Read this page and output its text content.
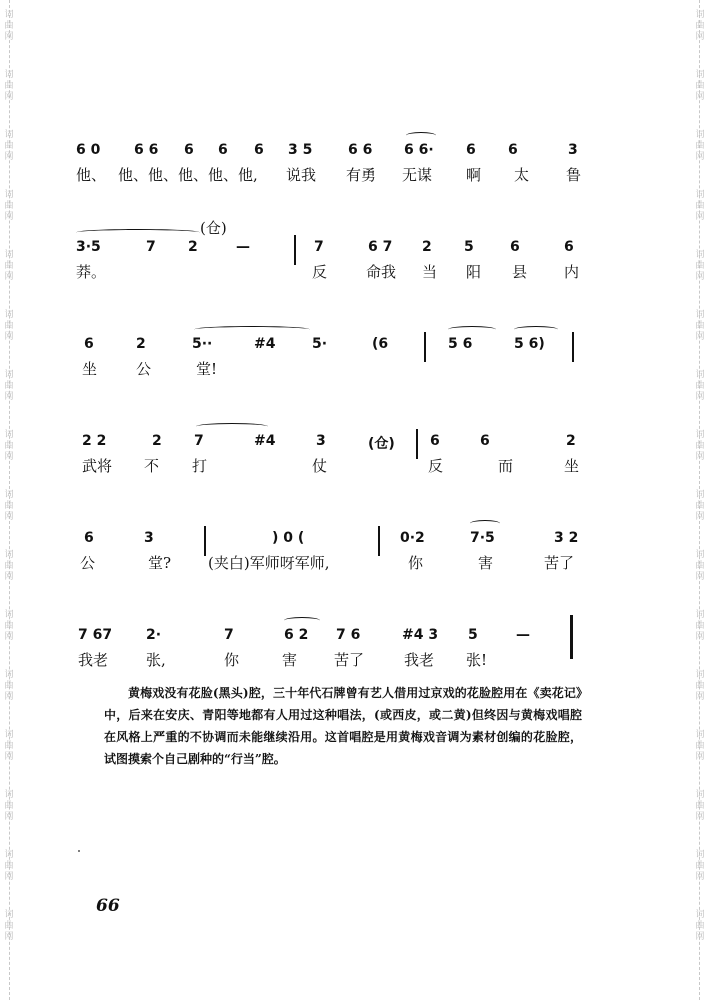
词
曲
网
词
曲
网
词
曲
网
词
曲
网
词
曲
网
词
曲
网
词
曲
网
词
曲
网
词
曲
网
词
曲
网
词
曲
网
词
曲
网
词
曲
网
词
曲
网
词
曲
网
词
曲
网
词
曲
网
词
曲
网
词
曲
网
词
曲
网
词
曲
网
词
曲
网
词
曲
网
词
曲
网
词
曲
网
词
曲
网
词
曲
网
词
曲
网
词
曲
网
词
曲
网
词
曲
网
词
曲
网
6 0 6 6 6 6 6 3 5	6 6 6 6· 6 6	3
他、 他、他、他、他、他, 说我 有勇 无谋 啊 太 鲁
(仓)
3·5	7 2	—	7	6 7 2 5	6	6
莽。	反	命我 当 阳 县 内
6	2	5··	#4	5·	(6	5 6	5 6)
坐	公	堂!
2 2	2 7	#4	3	(仓)	6	6	2
武将 不 打	仗	反	而	坐
6	3	) 0 (	0·2	7·5	3 2
公	堂? (夹白)军师呀军师,	你	害	苦了
7 67 2·	7	6 2 7 6	#4 3 5	—
我老	张,	你	害 苦了	我老 张!

黄梅戏没有花脸(黑头)腔，三十年代石牌曾有艺人借用过京戏的花脸腔用在《卖花记》中，后来在安庆、青阳等地都有人用过这种唱法，(或西皮，或二黄)但终因与黄梅戏唱腔在风格上严重的不协调而未能继续沿用。这首唱腔是用黄梅戏音调为素材创编的花脸腔，试图摸索个自己剧种的“行当”腔。

66
